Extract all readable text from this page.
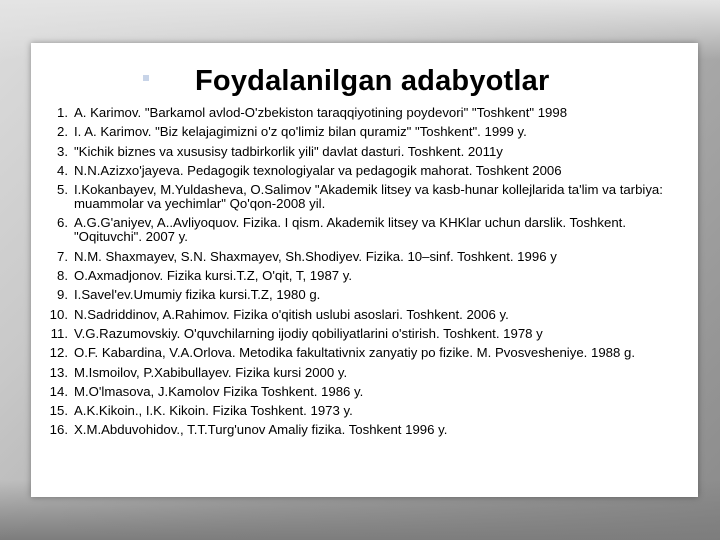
Foydalanilgan adabyotlar
1. A. Karimov. "Barkamol avlod-O'zbekiston taraqqiyotining poydevori" "Toshkent" 1998
2. I. A. Karimov. "Biz kelajagimizni o'z qo'limiz bilan quramiz" "Toshkent". 1999 y.
3. "Kichik biznes va xususisy tadbirkorlik yili" davlat dasturi. Toshkent. 2011y
4. N.N.Azizxo'jayeva. Pedagogik texnologiyalar va pedagogik mahorat. Toshkent 2006
5. I.Kokanbayev, M.Yuldasheva, O.Salimov "Akademik litsey va kasb-hunar kollejlarida ta'lim va tarbiya: muammolar va yechimlar" Qo'qon-2008 yil.
6. A.G.G'aniyev, A..Avliyoquov. Fizika. I qism. Akademik litsey va KHKlar uchun darslik. Toshkent. "Oqituvchi". 2007 y.
7. N.M. Shaxmayev, S.N. Shaxmayev, Sh.Shodiyev. Fizika. 10–sinf. Toshkent. 1996 y
8. O.Axmadjonov. Fizika kursi.T.Z, O'qit, T, 1987 y.
9. I.Savel'ev.Umumiy fizika kursi.T.Z, 1980 g.
10. N.Sadriddinov, A.Rahimov. Fizika o'qitish uslubi asoslari. Toshkent. 2006 y.
11. V.G.Razumovskiy. O'quvchilarning ijodiy qobiliyatlarini o'stirish. Toshkent. 1978 y
12. O.F. Kabardina, V.A.Orlova. Metodika fakultativnix zanyatiy po fizike. M. Pvosvesheniye. 1988 g.
13. M.Ismoilov, P.Xabibullayev. Fizika kursi 2000 y.
14. M.O'lmasova, J.Kamolov Fizika Toshkent. 1986 y.
15. A.K.Kikoin., I.K. Kikoin. Fizika Toshkent. 1973 y.
16. X.M.Abduvohidov., T.T.Turg'unov Amaliy fizika. Toshkent 1996 y.
